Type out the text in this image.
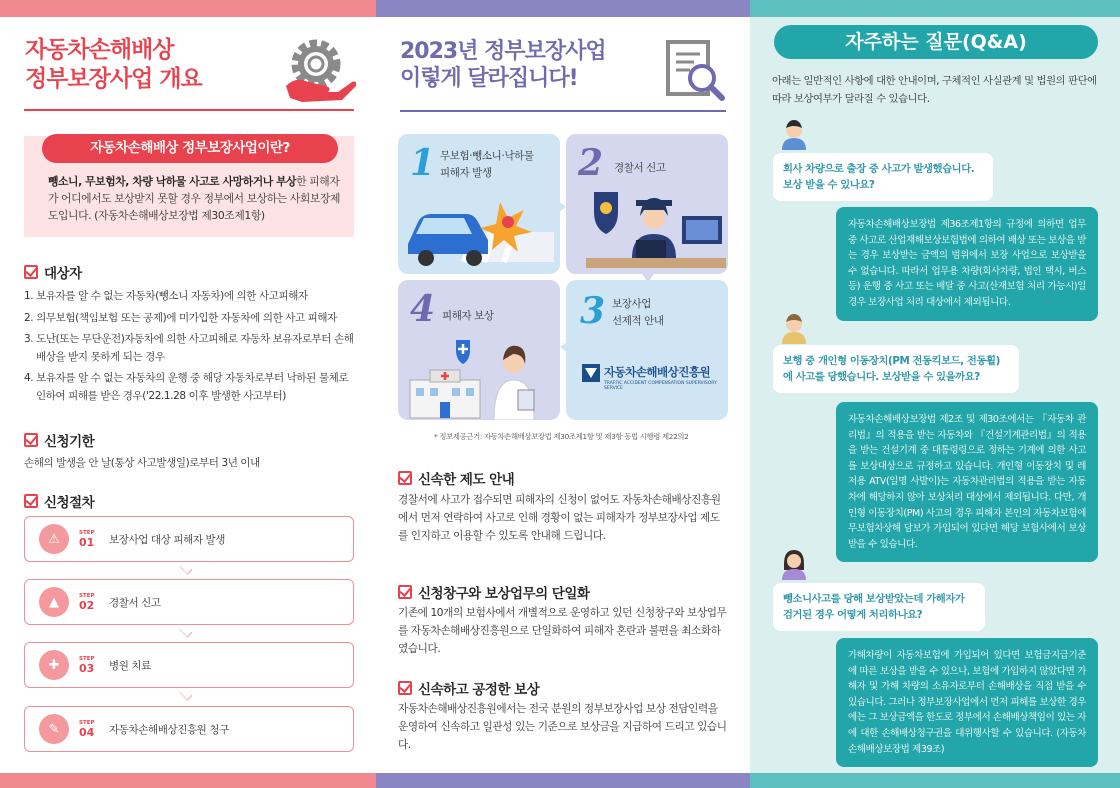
자동차손해배상
정부보장사업 개요
자동차손해배상 정부보장사업이란?

뺑소니, 무보험차, 차량 낙하물 사고로 사망하거나 부상한 피해자가 어디에서도 보상받지 못할 경우 정부에서 보상하는 사회보장제도입니다. (자동차손해배상보장법 제30조제1항)

대상자
1. 보유자를 알 수 없는 자동차(뺑소니 자동차)에 의한 사고피해자
2. 의무보험(책임보험 또는 공제)에 미가입한 자동차에 의한 사고 피해자
3. 도난(또는 무단운전)자동차에 의한 사고피해로 자동차 보유자로부터 손해배상을 받지 못하게 되는 경우
4. 보유자를 알 수 없는 자동차의 운행 중 해당 자동차로부터 낙하된 물체로 인하여 피해를 받은 경우('22.1.28 이후 발생한 사고부터)
신청기한

손해의 발생을 안 날(통상 사고발생일)로부터 3년 이내

신청절차
⚠	STEP
01	보장사업 대상 피해자 발생
▲	STEP
02	경찰서 신고
✚	STEP
03	병원 치료
✎	STEP
04	자동차손해배상진흥원 청구
2023년 정부보장사업
이렇게 달라집니다!
1 무보험·뺑소니·낙하물
피해자 발생	2 경찰서 신고
4 피해자 보상 3 보장사업
선제적 안내
자동차손해배상진흥원
TRAFFIC ACCIDENT COMPENSATION SUPERVISORY SERVICE

* 정보제공근거: 자동차손해배상보장법 제30조제1항 및 제3항 동법 시행령 제22의2

신속한 제도 안내

경찰서에 사고가 접수되면 피해자의 신청이 없어도 자동차손해배상진흥원에서 먼저 연락하여 사고로 인해 경황이 없는 피해자가 정부보장사업 제도를 인지하고 이용할 수 있도록 안내해 드립니다.

신청창구와 보상업무의 단일화

기존에 10개의 보험사에서 개별적으로 운영하고 있던 신청창구와 보상업무를 자동차손해배상진흥원으로 단일화하여 피해자 혼란과 불편을 최소화하였습니다.

신속하고 공정한 보상

자동차손해배상진흥원에서는 전국 분원의 정부보장사업 보상 전담인력을 운영하여 신속하고 일관성 있는 기준으로 보상금을 지급하여 드리고 있습니다.

자주하는 질문(Q&A)

아래는 일반적인 사항에 대한 안내이며, 구체적인 사실관계 및 법원의 판단에 따라 보상여부가 달라질 수 있습니다.

회사 차량으로 출장 중 사고가 발생했습니다. 보상 받을 수 있나요?
자동차손해배상보장법 제36조제1항의 규정에 의하면 업무 중 사고로 산업재해보상보험법에 의하여 배상 또는 보상을 받는 경우 보상받는 금액의 범위에서 보장 사업으로 보상받을 수 없습니다. 따라서 업무용 차량(회사차량, 법인 택시, 버스 등) 운행 중 사고 또는 배달 중 사고(산재보험 처리 가능시)일 경우 보장사업 처리 대상에서 제외됩니다.
보행 중 개인형 이동장치(PM 전동킥보드, 전동휠)에 사고를 당했습니다. 보상받을 수 있을까요?
자동차손해배상보장법 제2조 및 제30조에서는 『자동차 관리법』의 적용을 받는 자동차와 『건설기계관리법』의 적용을 받는 건설기계 중 대통령령으로 정하는 기계에 의한 사고를 보상대상으로 규정하고 있습니다. 개인형 이동장치 및 레저용 ATV(일명 사발이)는 자동차관리법의 적용을 받는 자동차에 해당하지 않아 보상처리 대상에서 제외됩니다. 다만, 개인형 이동장치(PM) 사고의 경우 피해자 본인의 자동차보험에 무보험차상해 담보가 가입되어 있다면 해당 보험사에서 보상받을 수 있습니다.
뺑소니사고를 당해 보상받았는데 가해자가 검거된 경우 어떻게 처리하나요?
가해차량이 자동차보험에 가입되어 있다면 보험금지급기준에 따른 보상을 받을 수 있으나, 보험에 가입하지 않았다면 가해자 및 가해 차량의 소유자로부터 손해배상을 직접 받을 수 있습니다. 그러나 정부보장사업에서 먼저 피해를 보상한 경우에는 그 보상금액을 한도로 정부에서 손해배상책임이 있는 자에 대한 손해배상청구권을 대위행사할 수 있습니다. (자동차손해배상보장법 제39조)
